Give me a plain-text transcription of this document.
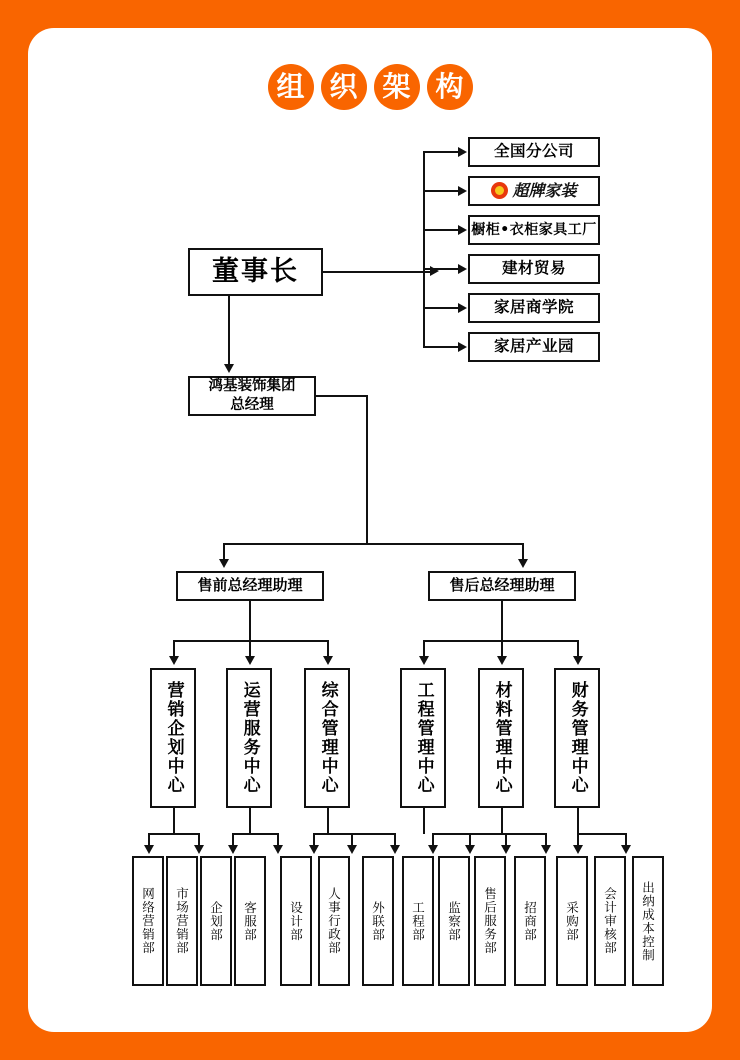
组 织 架 构
董事长
全国分公司
超牌家装
橱柜•衣柜家具工厂
建材贸易
家居商学院
家居产业园
鸿基装饰集团
总经理
售前总经理助理	售后总经理助理
营销企划中心	运营服务中心	综合管理中心	工程管理中心	材料管理中心	财务管理中心
网络营销部	市场营销部	企划部	客服部	设计部	人事行政部	外联部	工程部	监察部	售后服务部	招商部	采购部	会计审核部	出纳成本控制
